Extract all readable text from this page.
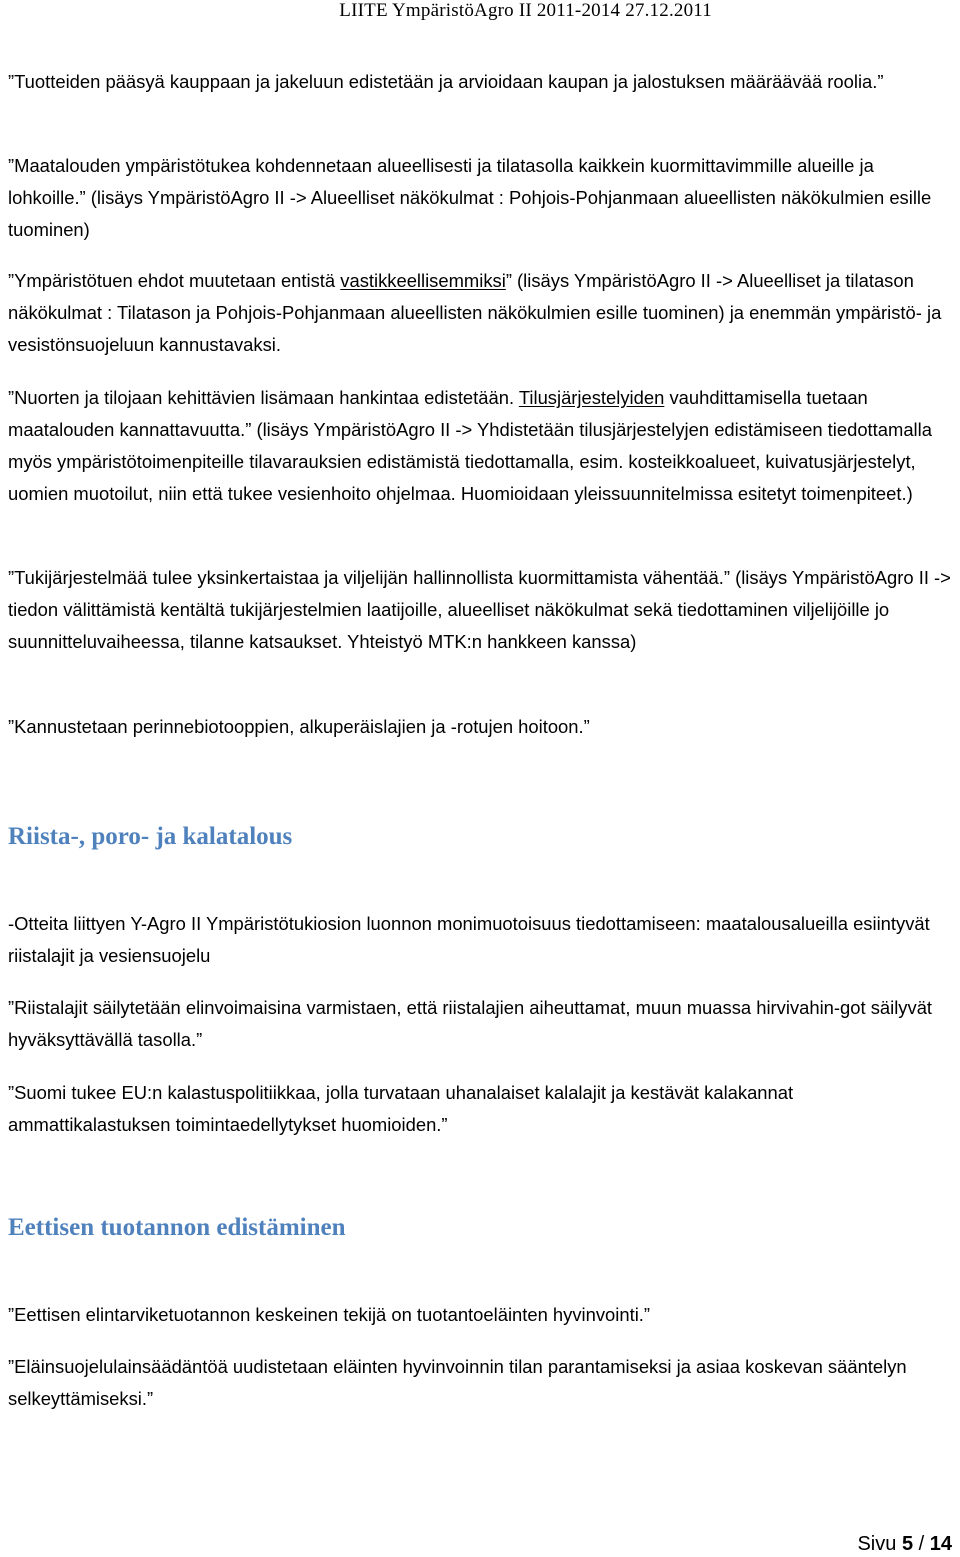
LIITE YmpäristöAgro II 2011-2014 27.12.2011

”Tuotteiden pääsyä kauppaan ja jakeluun edistetään ja arvioidaan kaupan ja jalostuksen määräävää roolia.”

”Maatalouden ympäristötukea kohdennetaan alueellisesti ja tilatasolla kaikkein kuormittavimmille alueille ja lohkoille.” (lisäys YmpäristöAgro II -> Alueelliset näkökulmat : Pohjois-Pohjanmaan alueellisten näkökulmien esille tuominen)

”Ympäristötuen ehdot muutetaan entistä vastikkeellisemmiksi” (lisäys YmpäristöAgro II -> Alueelliset ja tilatason näkökulmat : Tilatason ja Pohjois-Pohjanmaan alueellisten näkökulmien esille tuominen) ja enemmän ympäristö- ja vesistönsuojeluun kannustavaksi.

”Nuorten ja tilojaan kehittävien lisämaan hankintaa edistetään. Tilusjärjestelyiden vauhdittamisella tuetaan maatalouden kannattavuutta.” (lisäys YmpäristöAgro II -> Yhdistetään tilusjärjestelyjen edistämiseen tiedottamalla myös ympäristötoimenpiteille tilavarauksien edistämistä tiedottamalla, esim. kosteikkoalueet, kuivatusjärjestelyt, uomien muotoilut, niin että tukee vesienhoito ohjelmaa. Huomioidaan yleissuunnitelmissa esitetyt toimenpiteet.)

”Tukijärjestelmää tulee yksinkertaistaa ja viljelijän hallinnollista kuormittamista vähentää.” (lisäys YmpäristöAgro II -> tiedon välittämistä kentältä tukijärjestelmien laatijoille, alueelliset näkökulmat sekä tiedottaminen viljelijöille jo suunnitteluvaiheessa, tilanne katsaukset. Yhteistyö MTK:n hankkeen kanssa)

”Kannustetaan perinnebiotooppien, alkuperäislajien ja -rotujen hoitoon.”

Riista-, poro- ja kalatalous

-Otteita liittyen Y-Agro II Ympäristötukiosion luonnon monimuotoisuus tiedottamiseen: maatalousalueilla esiintyvät riistalajit ja vesiensuojelu

”Riistalajit säilytetään elinvoimaisina varmistaen, että riistalajien aiheuttamat, muun muassa hirvivahin-got säilyvät hyväksyttävällä tasolla.”

”Suomi tukee EU:n kalastuspolitiikkaa, jolla turvataan uhanalaiset kalalajit ja kestävät kalakannat ammattikalastuksen toimintaedellytykset huomioiden.”

Eettisen tuotannon edistäminen

”Eettisen elintarviketuotannon keskeinen tekijä on tuotantoeläinten hyvinvointi.”

”Eläinsuojelulainsäädäntöä uudistetaan eläinten hyvinvoinnin tilan parantamiseksi ja asiaa koskevan sääntelyn selkeyttämiseksi.”

Sivu 5 / 14
